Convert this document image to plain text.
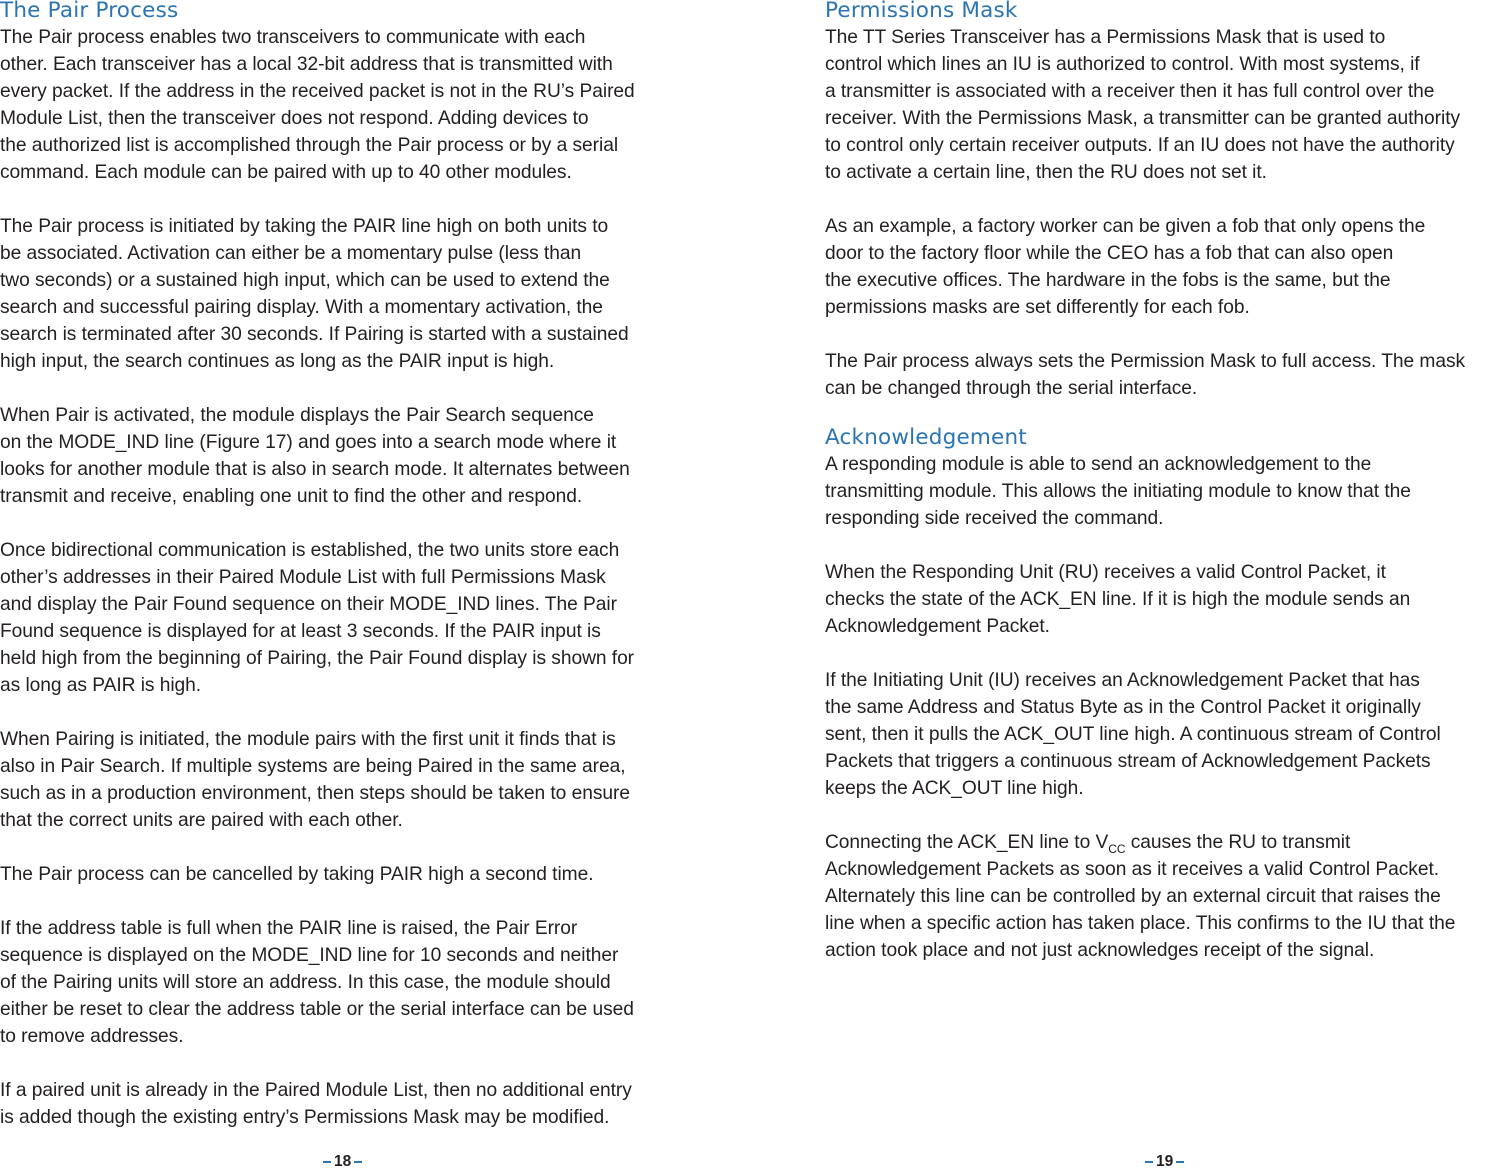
The Pair Process

The Pair process enables two transceivers to communicate with each
other. Each transceiver has a local 32-bit address that is transmitted with
every packet. If the address in the received packet is not in the RU’s Paired
Module List, then the transceiver does not respond. Adding devices to
the authorized list is accomplished through the Pair process or by a serial
command. Each module can be paired with up to 40 other modules.

The Pair process is initiated by taking the PAIR line high on both units to
be associated. Activation can either be a momentary pulse (less than
two seconds) or a sustained high input, which can be used to extend the
search and successful pairing display. With a momentary activation, the
search is terminated after 30 seconds. If Pairing is started with a sustained
high input, the search continues as long as the PAIR input is high.

When Pair is activated, the module displays the Pair Search sequence
on the MODE_IND line (Figure 17) and goes into a search mode where it
looks for another module that is also in search mode. It alternates between
transmit and receive, enabling one unit to find the other and respond.

Once bidirectional communication is established, the two units store each
other’s addresses in their Paired Module List with full Permissions Mask
and display the Pair Found sequence on their MODE_IND lines. The Pair
Found sequence is displayed for at least 3 seconds. If the PAIR input is
held high from the beginning of Pairing, the Pair Found display is shown for
as long as PAIR is high.

When Pairing is initiated, the module pairs with the first unit it finds that is
also in Pair Search. If multiple systems are being Paired in the same area,
such as in a production environment, then steps should be taken to ensure
that the correct units are paired with each other.

The Pair process can be cancelled by taking PAIR high a second time.

If the address table is full when the PAIR line is raised, the Pair Error
sequence is displayed on the MODE_IND line for 10 seconds and neither
of the Pairing units will store an address. In this case, the module should
either be reset to clear the address table or the serial interface can be used
to remove addresses.

If a paired unit is already in the Paired Module List, then no additional entry
is added though the existing entry’s Permissions Mask may be modified.

Permissions Mask

The TT Series Transceiver has a Permissions Mask that is used to
control which lines an IU is authorized to control. With most systems, if
a transmitter is associated with a receiver then it has full control over the
receiver. With the Permissions Mask, a transmitter can be granted authority
to control only certain receiver outputs. If an IU does not have the authority
to activate a certain line, then the RU does not set it.

As an example, a factory worker can be given a fob that only opens the
door to the factory floor while the CEO has a fob that can also open
the executive offices. The hardware in the fobs is the same, but the
permissions masks are set differently for each fob.

The Pair process always sets the Permission Mask to full access. The mask
can be changed through the serial interface.

Acknowledgement

A responding module is able to send an acknowledgement to the
transmitting module. This allows the initiating module to know that the
responding side received the command.

When the Responding Unit (RU) receives a valid Control Packet, it
checks the state of the ACK_EN line. If it is high the module sends an
Acknowledgement Packet.

If the Initiating Unit (IU) receives an Acknowledgement Packet that has
the same Address and Status Byte as in the Control Packet it originally
sent, then it pulls the ACK_OUT line high. A continuous stream of Control
Packets that triggers a continuous stream of Acknowledgement Packets
keeps the ACK_OUT line high.

Connecting the ACK_EN line to $V_{CC}$ causes the RU to transmit
Acknowledgement Packets as soon as it receives a valid Control Packet.
Alternately this line can be controlled by an external circuit that raises the
line when a specific action has taken place. This confirms to the IU that the
action took place and not just acknowledges receipt of the signal.

18	19
